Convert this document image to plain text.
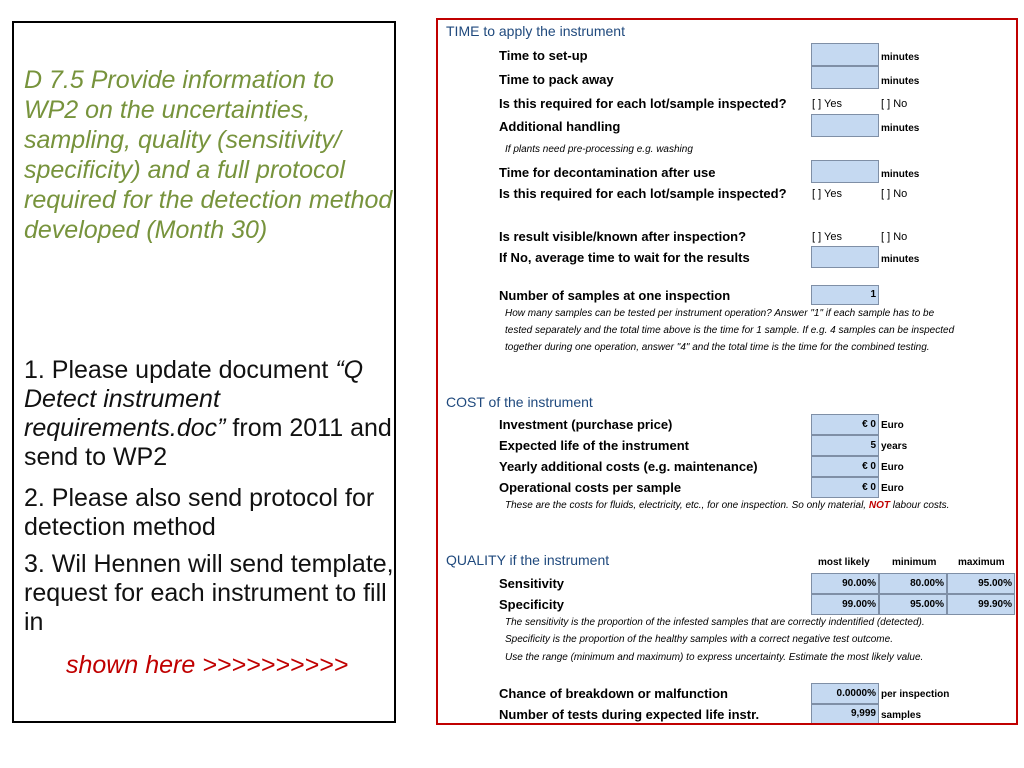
D 7.5 Provide information to WP2 on the uncertainties, sampling, quality (sensitivity/ specificity) and a full protocol required for the detection method developed (Month 30)

1. Please update document “Q Detect instrument requirements.doc” from 2011 and send to WP2

2. Please also send protocol for detection method

3. Wil Hennen will send template, request for each instrument to fill in

shown here >>>>>>>>>>

TIME to apply the instrument
Time to set-up	minutes
Time to pack away	minutes
Is this required for each lot/sample inspected? [ ] Yes	[ ] No
Additional handling	minutes
If plants need pre-processing e.g. washing
Time for decontamination after use	minutes
Is this required for each lot/sample inspected? [ ] Yes	[ ] No
Is result visible/known after inspection?	[ ] Yes	[ ] No
If No, average time to wait for the results	minutes
Number of samples at one inspection	1
How many samples can be tested per instrument operation? Answer "1" if each sample has to be
tested separately and the total time above is the time for 1 sample. If e.g. 4 samples can be inspected
together during one operation, answer "4" and the total time is the time for the combined testing.
COST of the instrument
Investment (purchase price)	€ 0 Euro
Expected life of the instrument	5 years
Yearly additional costs (e.g. maintenance)	€ 0 Euro
Operational costs per sample	€ 0 Euro
These are the costs for fluids, electricity, etc., for one inspection. So only material, NOT labour costs.
QUALITY if the instrument	most likely minimum maximum
Sensitivity	90.00%	80.00%	95.00%
Specificity	99.00%	95.00%	99.90%
The sensitivity is the proportion of the infested samples that are correctly indentified (detected).
Specificity is the proportion of the healthy samples with a correct negative test outcome.
Use the range (minimum and maximum) to express uncertainty. Estimate the most likely value.
Chance of breakdown or malfunction	0.0000% per inspection
Number of tests during expected life instr.	9,999 samples
